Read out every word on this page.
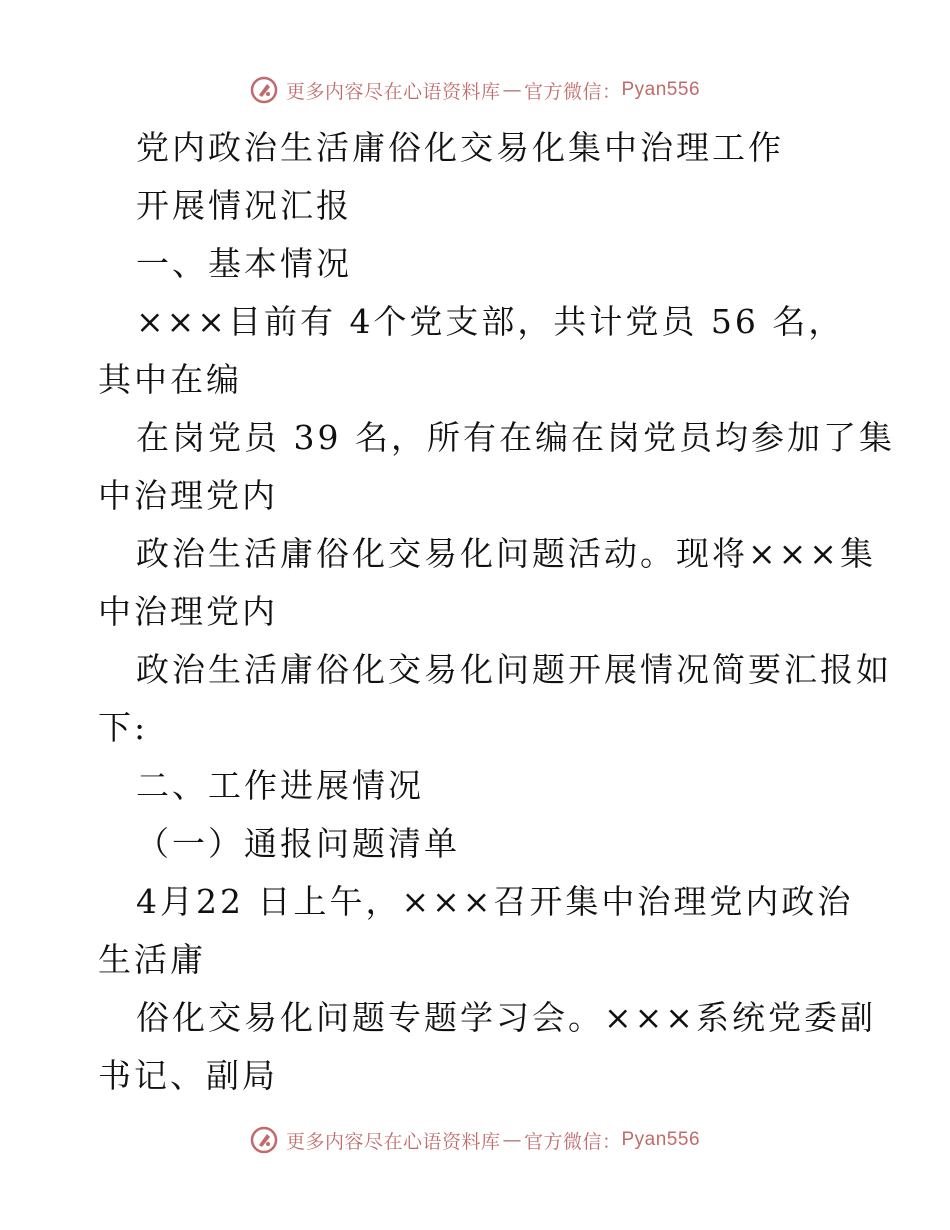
更多内容尽在心语资料库 — 官方微信： Pyan556
党内政治生活庸俗化交易化集中治理工作
开展情况汇报
一、基本情况
×××目前有 4个党支部，共计党员 56 名，
其中在编
在岗党员 39 名，所有在编在岗党员均参加了集
中治理党内
政治生活庸俗化交易化问题活动。现将×××集
中治理党内
政治生活庸俗化交易化问题开展情况简要汇报如
下:
二、工作进展情况
（一）通报问题清单
4月22 日上午，×××召开集中治理党内政治
生活庸
俗化交易化问题专题学习会。×××系统党委副
书记、副局
更多内容尽在心语资料库 — 官方微信： Pyan556
